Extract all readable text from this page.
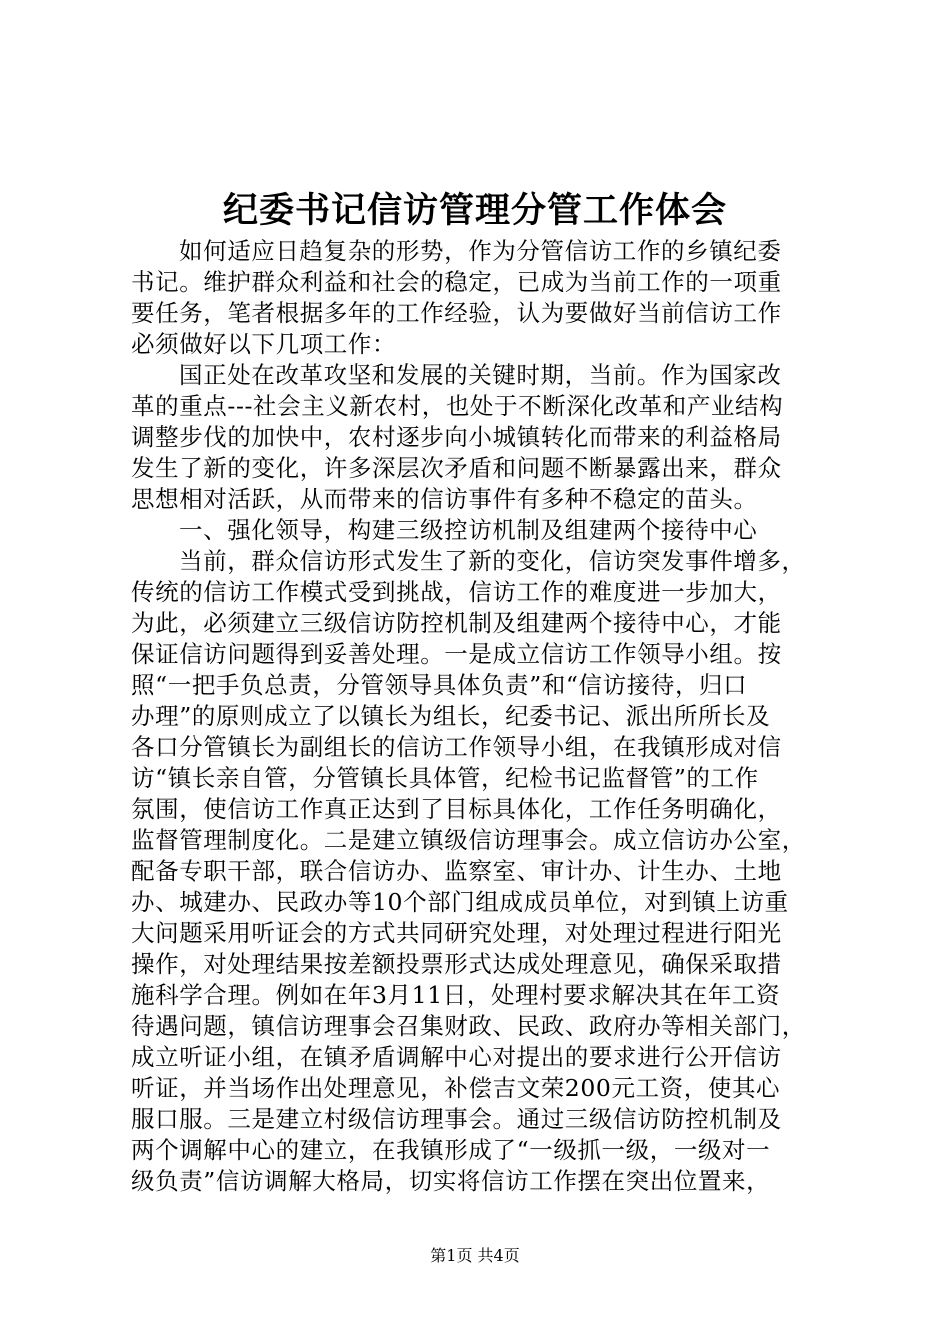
纪委书记信访管理分管工作体会
如何适应日趋复杂的形势，作为分管信访工作的乡镇纪委
书记。维护群众利益和社会的稳定，已成为当前工作的一项重
要任务，笔者根据多年的工作经验，认为要做好当前信访工作
必须做好以下几项工作：
国正处在改革攻坚和发展的关键时期，当前。作为国家改
革的重点---社会主义新农村，也处于不断深化改革和产业结构
调整步伐的加快中，农村逐步向小城镇转化而带来的利益格局
发生了新的变化，许多深层次矛盾和问题不断暴露出来，群众
思想相对活跃，从而带来的信访事件有多种不稳定的苗头。
一、强化领导，构建三级控访机制及组建两个接待中心
当前，群众信访形式发生了新的变化，信访突发事件增多，
传统的信访工作模式受到挑战，信访工作的难度进一步加大，
为此，必须建立三级信访防控机制及组建两个接待中心，才能
保证信访问题得到妥善处理。一是成立信访工作领导小组。按
照“一把手负总责，分管领导具体负责”和“信访接待，归口
办理”的原则成立了以镇长为组长，纪委书记、派出所所长及
各口分管镇长为副组长的信访工作领导小组，在我镇形成对信
访“镇长亲自管，分管镇长具体管，纪检书记监督管”的工作
氛围，使信访工作真正达到了目标具体化，工作任务明确化，
监督管理制度化。二是建立镇级信访理事会。成立信访办公室，
配备专职干部，联合信访办、监察室、审计办、计生办、土地
办、城建办、民政办等10个部门组成成员单位，对到镇上访重
大问题采用听证会的方式共同研究处理，对处理过程进行阳光
操作，对处理结果按差额投票形式达成处理意见，确保采取措
施科学合理。例如在年3月11日，处理村要求解决其在年工资
待遇问题，镇信访理事会召集财政、民政、政府办等相关部门，
成立听证小组，在镇矛盾调解中心对提出的要求进行公开信访
听证，并当场作出处理意见，补偿吉文荣200元工资，使其心
服口服。三是建立村级信访理事会。通过三级信访防控机制及
两个调解中心的建立，在我镇形成了“一级抓一级，一级对一
级负责”信访调解大格局，切实将信访工作摆在突出位置来，
第1页 共4页
